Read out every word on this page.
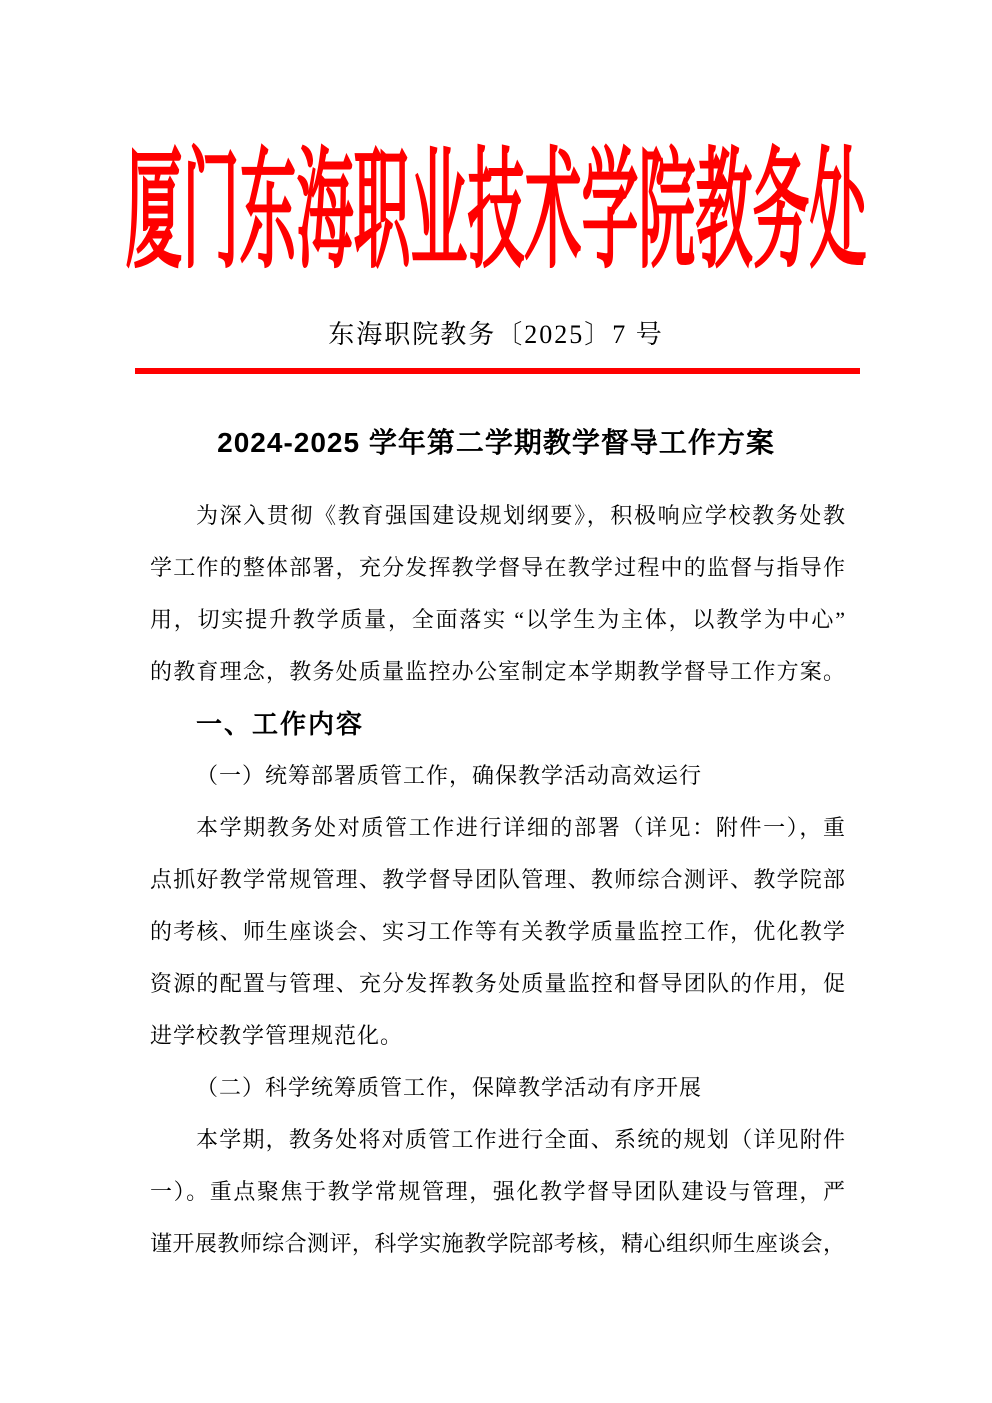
厦门东海职业技术学院教务处
东海职院教务〔2025〕7 号
2024-2025 学年第二学期教学督导工作方案
为深入贯彻《教育强国建设规划纲要》，积极响应学校教务处教
学工作的整体部署，充分发挥教学督导在教学过程中的监督与指导作
用，切实提升教学质量，全面落实 “以学生为主体，以教学为中心”
的教育理念，教务处质量监控办公室制定本学期教学督导工作方案。
一、工作内容
（一）统筹部署质管工作，确保教学活动高效运行
本学期教务处对质管工作进行详细的部署（详见：附件一），重
点抓好教学常规管理、教学督导团队管理、教师综合测评、教学院部
的考核、师生座谈会、实习工作等有关教学质量监控工作，优化教学
资源的配置与管理、充分发挥教务处质量监控和督导团队的作用，促
进学校教学管理规范化。
（二）科学统筹质管工作，保障教学活动有序开展
本学期，教务处将对质管工作进行全面、系统的规划（详见附件
一）。重点聚焦于教学常规管理，强化教学督导团队建设与管理，严
谨开展教师综合测评，科学实施教学院部考核，精心组织师生座谈会，
